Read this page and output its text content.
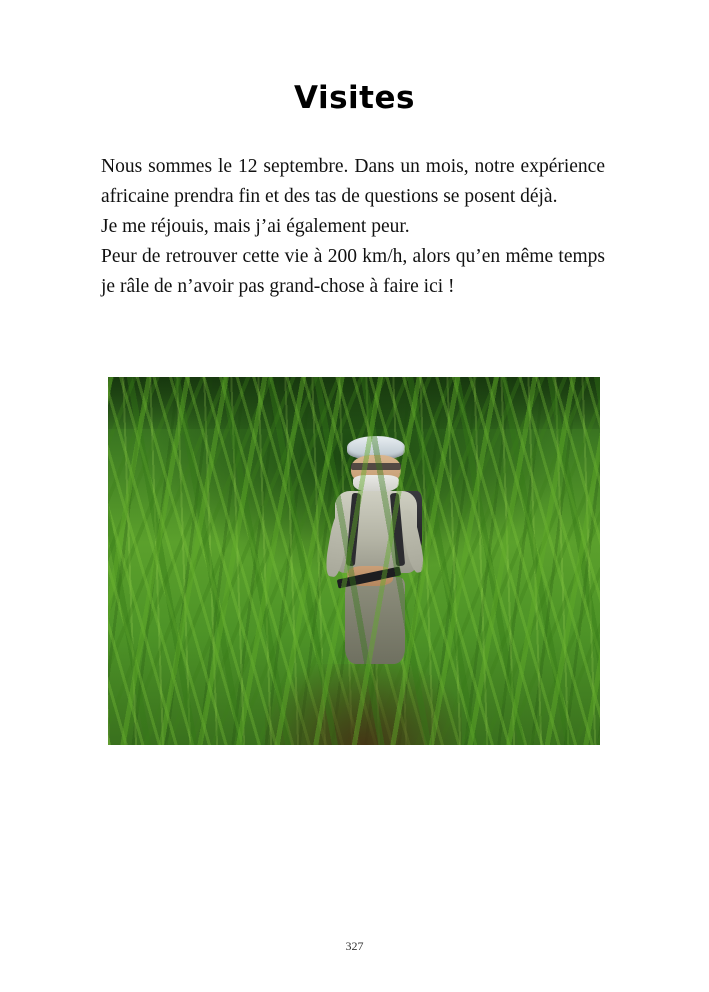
Visites

Nous sommes le 12 septembre. Dans un mois, notre expérience africaine prendra fin et des tas de questions se posent déjà.

Je me réjouis, mais j’ai également peur.

Peur de retrouver cette vie à 200 km/h, alors qu’en même temps je râle de n’avoir pas grand-chose à faire ici !

327
